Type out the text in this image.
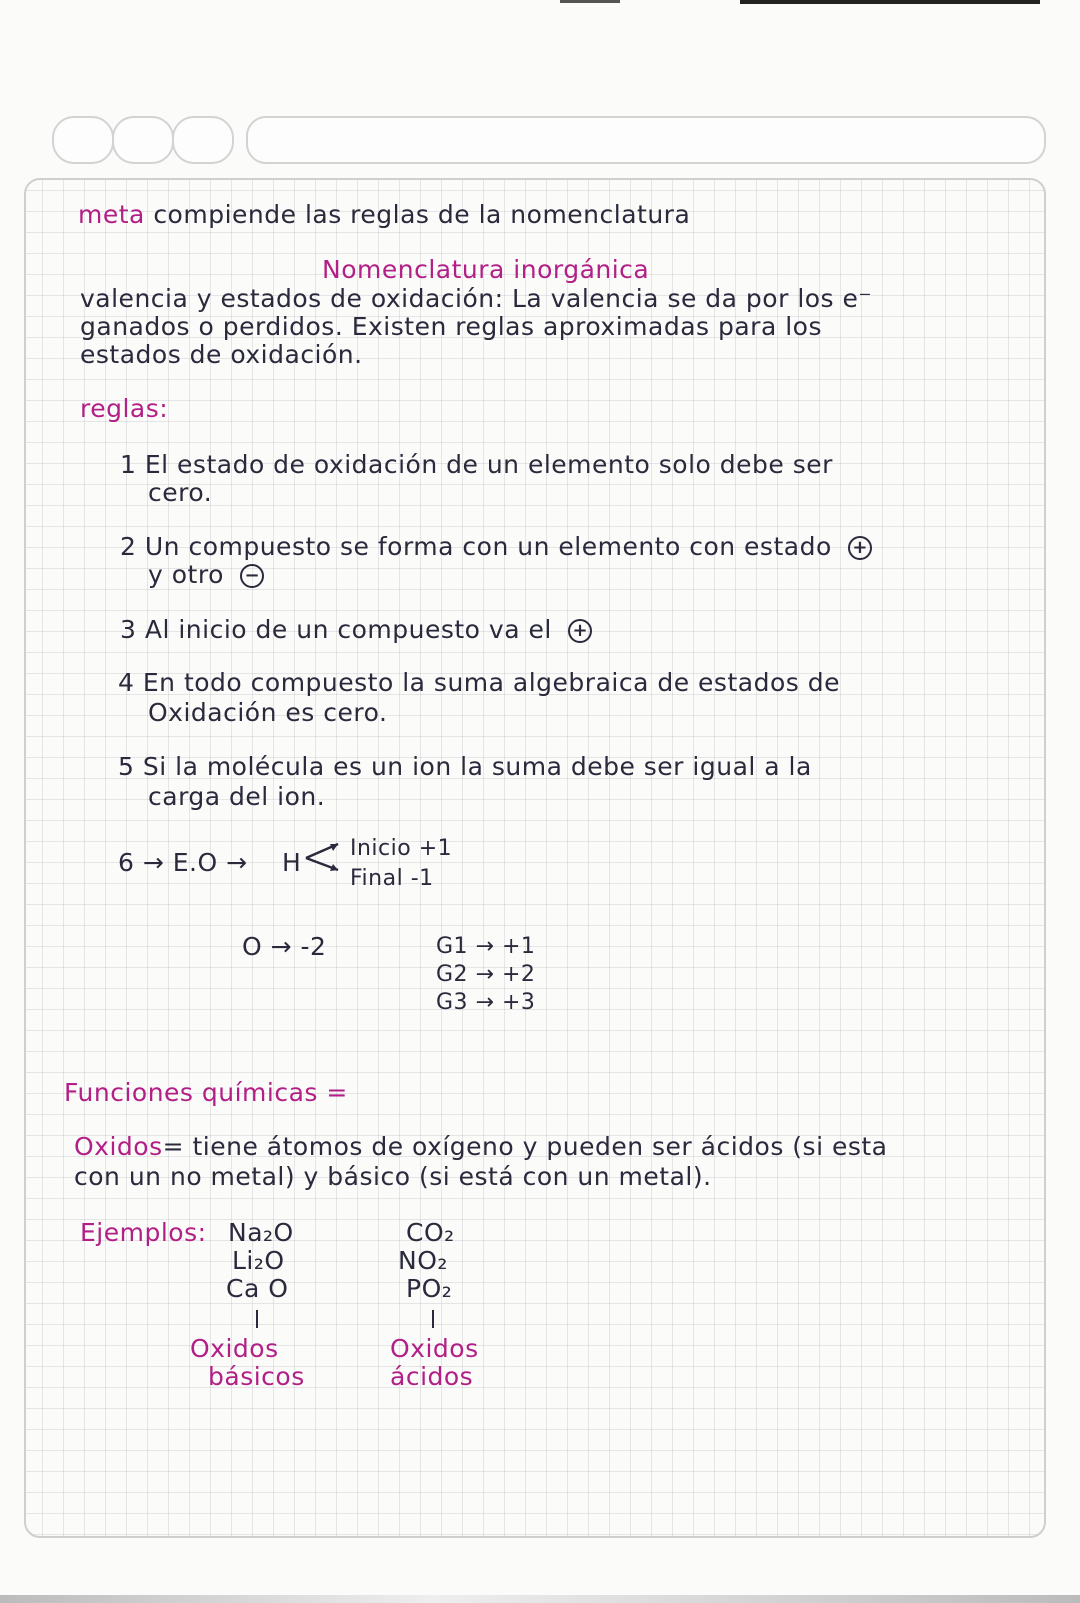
meta compiende las reglas de la nomenclatura
Nomenclatura inorgánica
valencia y estados de oxidación: La valencia se da por los e⁻
ganados o perdidos. Existen reglas aproximadas para los
estados de oxidación.
reglas:
1 El estado de oxidación de un elemento solo debe ser
cero.
2 Un compuesto se forma con un elemento con estado +
y otro −
3 Al inicio de un compuesto va el +
4 En todo compuesto la suma algebraica de estados de
Oxidación es cero.
5 Si la molécula es un ion la suma debe ser igual a la
carga del ion.
6 → E.O → H Inicio +1
Final -1
O → -2	G1 → +1
G2 → +2
G3 → +3
Funciones químicas =
Oxidos= tiene átomos de oxígeno y pueden ser ácidos (si esta
con un no metal) y básico (si está con un metal).
Ejemplos: Na₂O
Li₂O
Ca O
Oxidos
básicos
CO₂
NO₂
PO₂
Oxidos
ácidos
